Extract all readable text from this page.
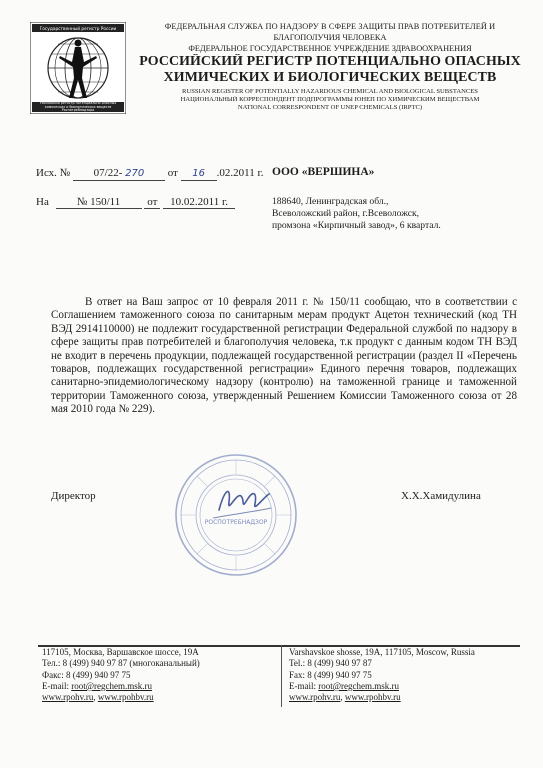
Государственный регистр России
Российский регистр потенциально опасных химических и биологических веществ Роспотребнадзора
ФЕДЕРАЛЬНАЯ СЛУЖБА ПО НАДЗОРУ В СФЕРЕ ЗАЩИТЫ ПРАВ ПОТРЕБИТЕЛЕЙ И
БЛАГОПОЛУЧИЯ ЧЕЛОВЕКА
ФЕДЕРАЛЬНОЕ ГОСУДАРСТВЕННОЕ УЧРЕЖДЕНИЕ ЗДРАВООХРАНЕНИЯ
РОССИЙСКИЙ РЕГИСТР ПОТЕНЦИАЛЬНО ОПАСНЫХ
ХИМИЧЕСКИХ И БИОЛОГИЧЕСКИХ ВЕЩЕСТВ
RUSSIAN REGISTER OF POTENTIALLY HAZARDOUS CHEMICAL AND BIOLOGICAL SUBSTANCES
НАЦИОНАЛЬНЫЙ КОРРЕСПОНДЕНТ ПОДПРОГРАММЫ ЮНЕП ПО ХИМИЧЕСКИМ ВЕЩЕСТВАМ
NATIONAL CORRESPONDENT OF UNEP CHEMICALS (IRPTC)
Исх. № 07/22- 270 от 16 .02.2011 г.
На	№ 150/11 от 10.02.2011 г.
ООО «ВЕРШИНА»
188640, Ленинградская обл.,
Всеволожский район, г.Всеволожск,
промзона «Кирпичный завод», 6 квартал.

В ответ на Ваш запрос от 10 февраля 2011 г. № 150/11 сообщаю, что в соответствии с Соглашением таможенного союза по санитарным мерам продукт Ацетон технический (код ТН ВЭД 2914110000) не подлежит государственной регистрации Федеральной службой по надзору в сфере защиты прав потребителей и благополучия человека, т.к продукт с данным кодом ТН ВЭД не входит в перечень продукции, подлежащей государственной регистрации (раздел II «Перечень товаров, подлежащих государственной регистрации» Единого перечня товаров, подлежащих санитарно-эпидемиологическому надзору (контролю) на таможенной границе и таможенной территории Таможенного союза, утвержденный Решением Комиссии Таможенного союза от 28 мая 2010 года № 229).

РОСПОТРЕБНАДЗОР
Директор	Х.Х.Хамидулина
117105, Москва, Варшавское шоссе, 19А
Тел.: 8 (499) 940 97 87 (многоканальный)
Факс: 8 (499) 940 97 75
E-mail: root@regchem.msk.ru
www.rpohv.ru, www.rpohbv.ru
Varshavskoe shosse, 19A, 117105, Moscow, Russia
Tel.: 8 (499) 940 97 87
Fax: 8 (499) 940 97 75
E-mail: root@regchem.msk.ru
www.rpohv.ru, www.rpohbv.ru
